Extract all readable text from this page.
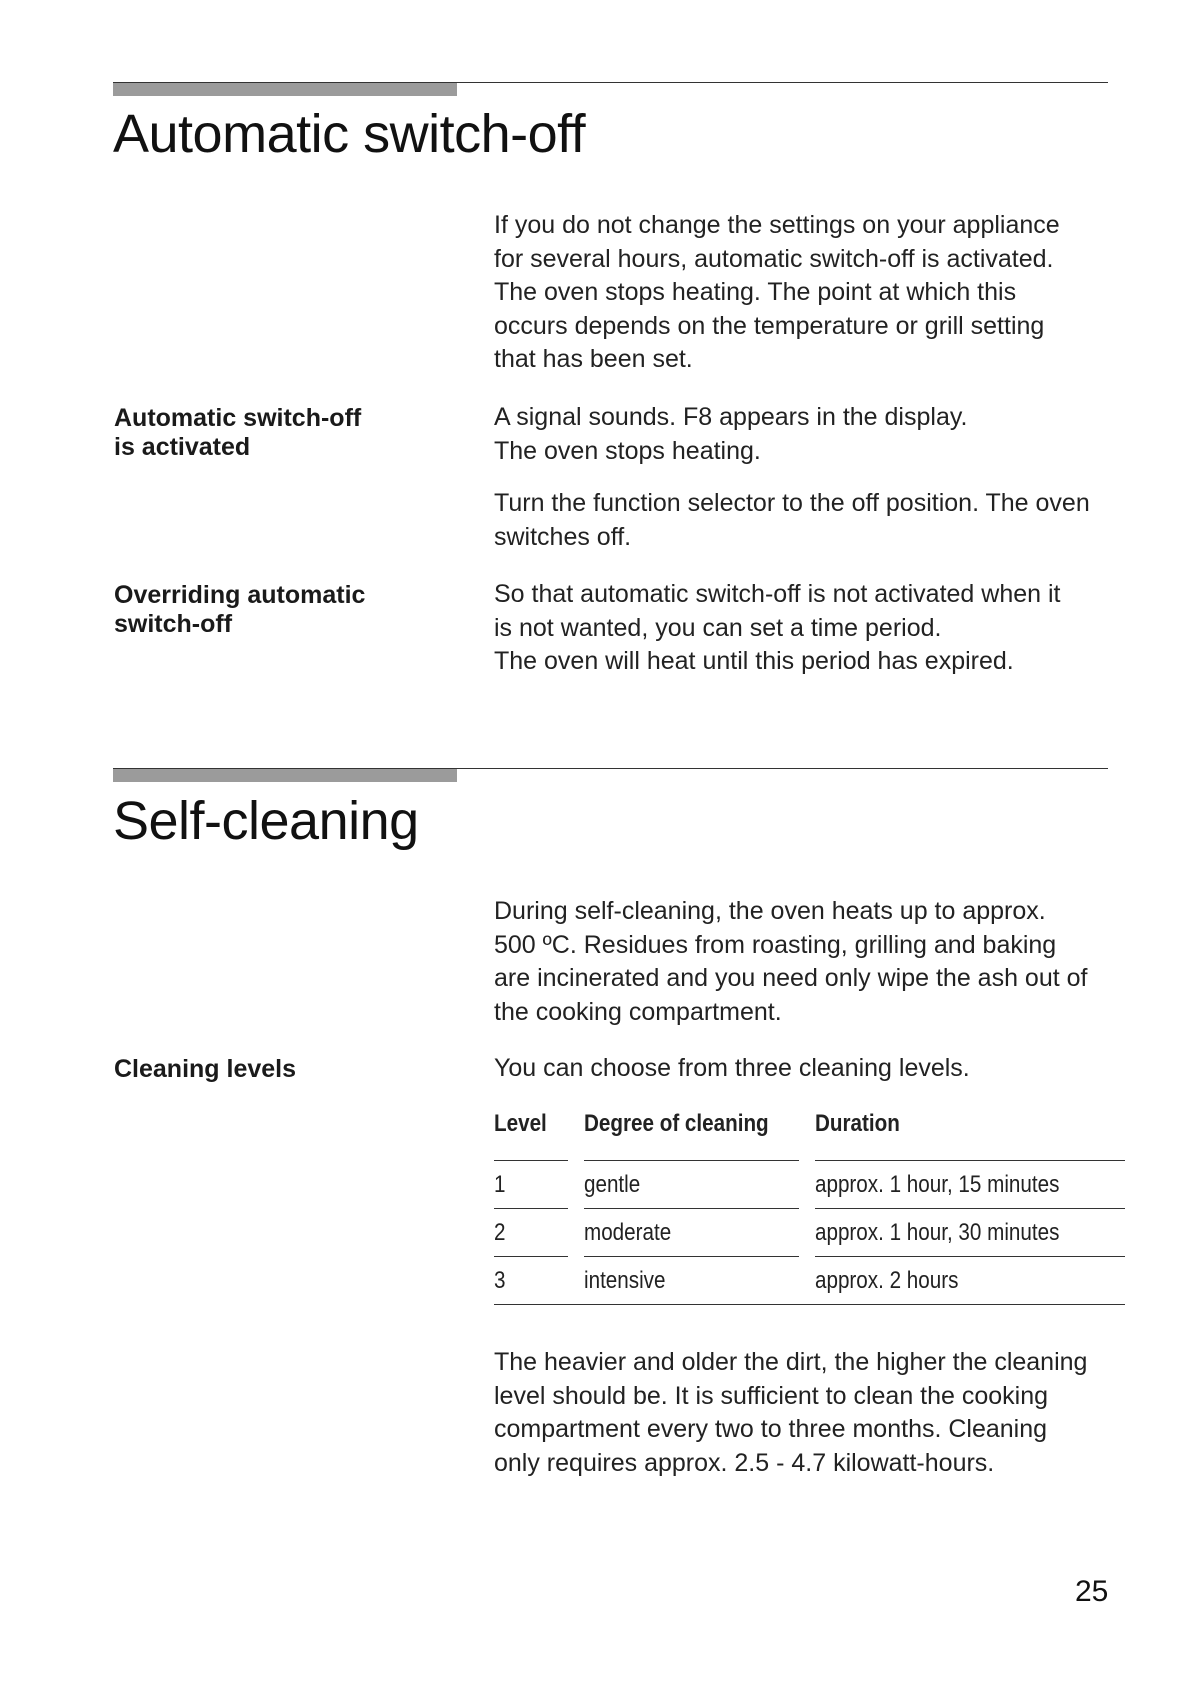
Automatic switch-off

If you do not change the settings on your appliance
for several hours, automatic switch-off is activated.
The oven stops heating. The point at which this
occurs depends on the temperature or grill setting
that has been set.

Automatic switch-off
is activated

A signal sounds. F8 appears in the display.
The oven stops heating.

Turn the function selector to the off position. The oven
switches off.

Overriding automatic
switch-off

So that automatic switch-off is not activated when it
is not wanted, you can set a time period.
The oven will heat until this period has expired.

Self-cleaning

During self-cleaning, the oven heats up to approx.
500 ºC. Residues from roasting, grilling and baking
are incinerated and you need only wipe the ash out of
the cooking compartment.

Cleaning levels	You can choose from three cleaning levels.

Level		Degree of cleaning		Duration
1		gentle		approx. 1 hour, 15 minutes
2		moderate		approx. 1 hour, 30 minutes
3		intensive		approx. 2 hours

The heavier and older the dirt, the higher the cleaning
level should be. It is sufficient to clean the cooking
compartment every two to three months. Cleaning
only requires approx. 2.5 - 4.7 kilowatt-hours.

25
